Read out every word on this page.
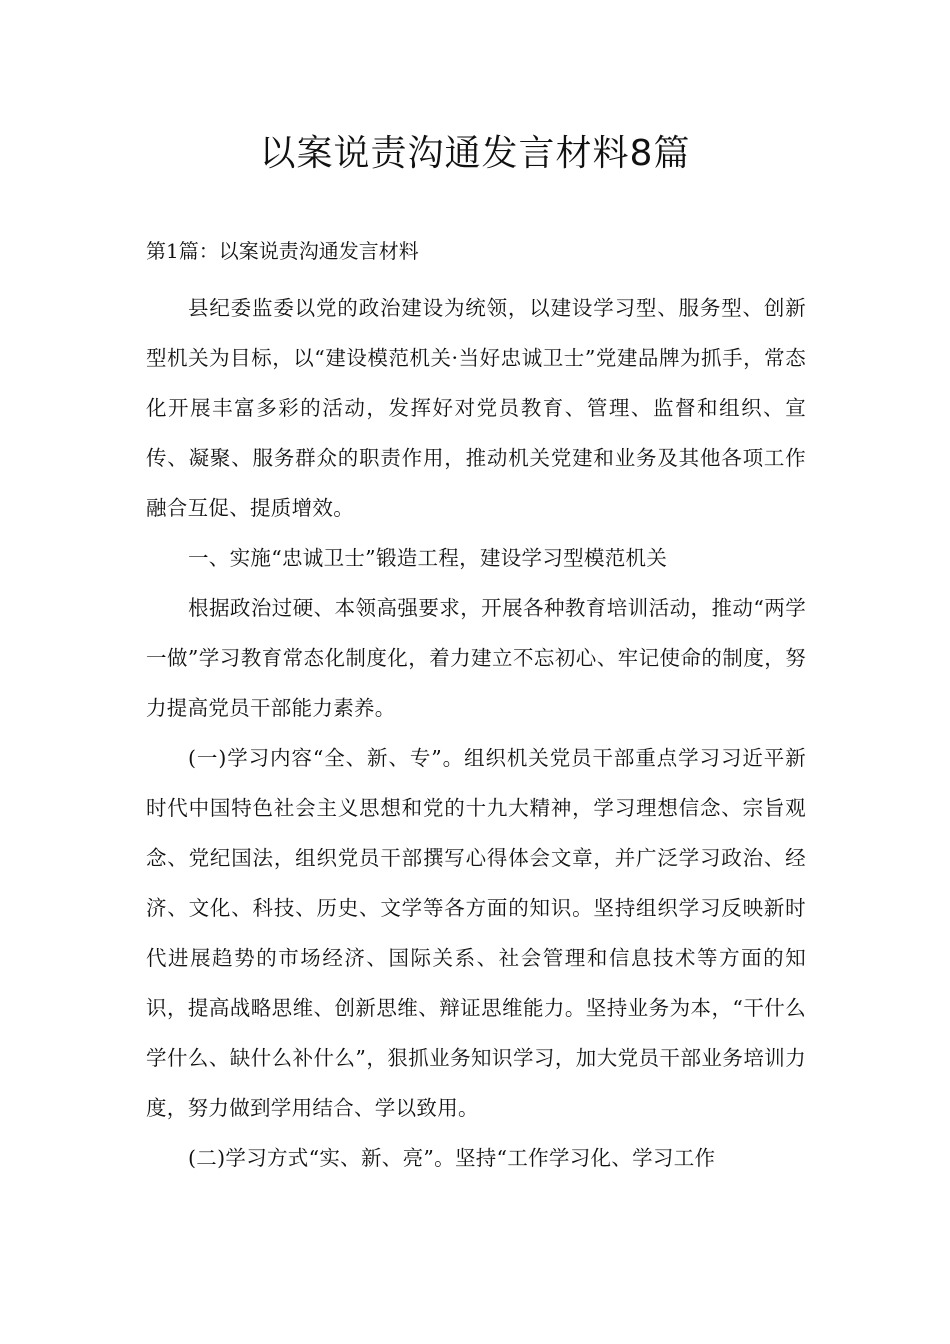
以案说责沟通发言材料8篇
第1篇：以案说责沟通发言材料

县纪委监委以党的政治建设为统领，以建设学习型、服务型、创新型机关为目标，以“建设模范机关·当好忠诚卫士”党建品牌为抓手，常态化开展丰富多彩的活动，发挥好对党员教育、管理、监督和组织、宣传、凝聚、服务群众的职责作用，推动机关党建和业务及其他各项工作融合互促、提质增效。

一、实施“忠诚卫士”锻造工程，建设学习型模范机关

根据政治过硬、本领高强要求，开展各种教育培训活动，推动“两学一做”学习教育常态化制度化，着力建立不忘初心、牢记使命的制度，努力提高党员干部能力素养。

(一)学习内容“全、新、专”。组织机关党员干部重点学习习近平新时代中国特色社会主义思想和党的十九大精神，学习理想信念、宗旨观念、党纪国法，组织党员干部撰写心得体会文章，并广泛学习政治、经济、文化、科技、历史、文学等各方面的知识。坚持组织学习反映新时代进展趋势的市场经济、国际关系、社会管理和信息技术等方面的知识，提高战略思维、创新思维、辩证思维能力。坚持业务为本，“干什么学什么、缺什么补什么”，狠抓业务知识学习，加大党员干部业务培训力度，努力做到学用结合、学以致用。

(二)学习方式“实、新、亮”。坚持“工作学习化、学习工作
